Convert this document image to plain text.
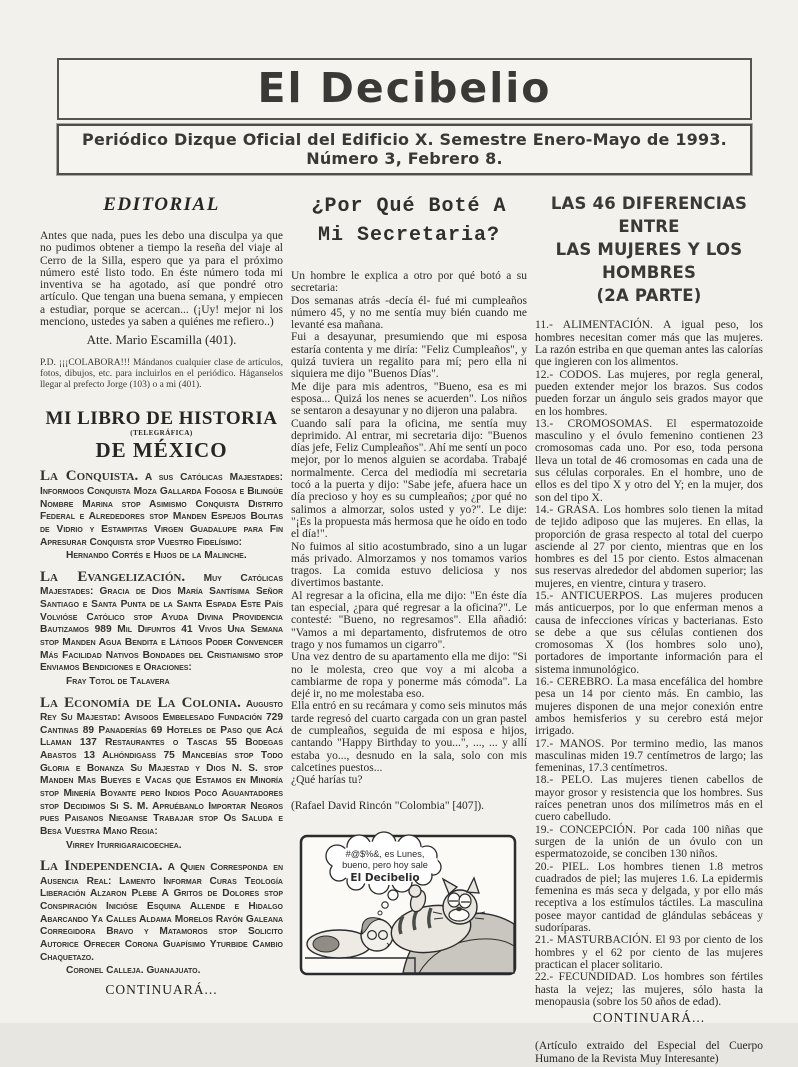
El Decibelio
Periódico Dizque Oficial del Edificio X. Semestre Enero-Mayo de 1993. Número 3, Febrero 8.
EDITORIAL

Antes que nada, pues les debo una disculpa ya que no pudimos obtener a tiempo la reseña del viaje al Cerro de la Silla, espero que ya para el próximo número esté listo todo. En éste número toda mi inventiva se ha agotado, así que pondré otro artículo. Que tengan una buena semana, y empiecen a estudiar, porque se acercan... (¡Uy! mejor ni los menciono, ustedes ya saben a quiénes me refiero..)

Atte. Mario Escamilla (401).

P.D. ¡¡¡COLABORA!!! Mándanos cualquier clase de artículos, fotos, dibujos, etc. para incluirlos en el periódico. Háganselos llegar al prefecto Jorge (103) o a mi (401).

MI LIBRO DE HISTORIA
(TELEGRÁFICA)
DE MÉXICO

La Conquista. A sus Católicas Majestades: Informoos Conquista Moza Gallarda Fogosa e Bilingüe Nombre Marina stop Asimismo Conquista Distrito Federal e Alrededores stop Manden Espejos Bolitas de Vidrio y Estampitas Virgen Guadalupe para Fin Apresurar Conquista stop Vuestro Fidelísimo:

Hernando Cortés e Hijos de la Malinche.

La Evangelización. Muy Católicas Majestades: Gracia de Dios María Santísima Señor Santiago e Santa Punta de la Santa Espada Este País Volvióse Católico stop Ayuda Divina Providencia Bautizamos 989 Mil Difuntos 41 Vivos Una Semana stop Manden Agua Bendita e Látigos Poder Convencer Más Facilidad Nativos Bondades del Cristianismo stop Enviamos Bendiciones e Oraciones:

Fray Totol de Talavera

La Economía de La Colonia. Augusto Rey Su Majestad: Avisoos Embelesado Fundación 729 Cantinas 89 Panaderías 69 Hoteles de Paso que Acá Llaman 137 Restaurantes o Tascas 55 Bodegas Abastos 13 Alhóndigass 75 Mancebías stop Todo Gloria e Bonanza Su Majestad y Dios N. S. stop Manden Mas Bueyes e Vacas que Estamos en Minoría stop Minería Boyante pero Indios Poco Aguantadores stop Decidimos Si S. M. Apruébanlo Importar Negros pues Paisanos Nieganse Trabajar stop Os Saluda e Besa Vuestra Mano Regia:

Virrey Iturrigaraicoechea.

La Independencia. A Quien Corresponda en Ausencia Real: Lamento Informar Curas Teología Liberación Alzaron Plebe A Gritos de Dolores stop Conspiración Inicióse Esquina Allende e Hidalgo Abarcando Ya Calles Aldama Morelos Rayón Galeana Corregidora Bravo y Matamoros stop Solicito Autorice Ofrecer Corona Guapísimo Yturbide Cambio Chaquetazo.

Coronel Calleja. Guanajuato.

CONTINUARÁ...

¿Por Qué Boté A
Mi Secretaria?

Un hombre le explica a otro por qué botó a su secretaria:

Dos semanas atrás -decía él- fué mi cumpleaños número 45, y no me sentía muy bién cuando me levanté esa mañana.

Fui a desayunar, presumiendo que mi esposa estaría contenta y me diría: "Feliz Cumpleaños", y quizá tuviera un regalito para mí; pero ella ni siquiera me dijo "Buenos Días".

Me dije para mis adentros, "Bueno, esa es mi esposa... Quizá los nenes se acuerden". Los niños se sentaron a desayunar y no dijeron una palabra.

Cuando salí para la oficina, me sentía muy deprimido. Al entrar, mi secretaria dijo: "Buenos días jefe, Feliz Cumpleaños". Ahí me sentí un poco mejor, por lo menos alguien se acordaba. Trabajé normalmente. Cerca del mediodía mi secretaria tocó a la puerta y dijo: "Sabe jefe, afuera hace un día precioso y hoy es su cumpleaños; ¿por qué no salimos a almorzar, solos usted y yo?". Le dije: "¡Es la propuesta más hermosa que he oído en todo el día!".

No fuimos al sitio acostumbrado, sino a un lugar más privado. Almorzamos y nos tomamos varios tragos. La comida estuvo deliciosa y nos divertimos bastante.

Al regresar a la oficina, ella me dijo: "En éste día tan especial, ¿para qué regresar a la oficina?". Le contesté: "Bueno, no regresamos". Ella añadió: "Vamos a mi departamento, disfrutemos de otro trago y nos fumamos un cigarro".

Una vez dentro de su apartamento ella me dijo: "Si no le molesta, creo que voy a mi alcoba a cambiarme de ropa y ponerme más cómoda". La dejé ir, no me molestaba eso.

Ella entró en su recámara y como seis minutos más tarde regresó del cuarto cargada con un gran pastel de cumpleaños, seguida de mi esposa e hijos, cantando "Happy Birthday to you...", ..., ... y allí estaba yo..., desnudo en la sala, solo con mis calcetines puestos...

¿Qué harías tu?

(Rafael David Rincón "Colombia" [407]).

#@$%&, es Lunes,
bueno, pero hoy sale
El Decibelio
LAS 46 DIFERENCIAS ENTRE
LAS MUJERES Y LOS HOMBRES
(2A PARTE)

11.- ALIMENTACIÓN. A igual peso, los hombres necesitan comer más que las mujeres. La razón estriba en que queman antes las calorías que ingieren con los alimentos.

12.- CODOS. Las mujeres, por regla general, pueden extender mejor los brazos. Sus codos pueden forzar un ángulo seis grados mayor que en los hombres.

13.- CROMOSOMAS. El espermatozoide masculino y el óvulo femenino contienen 23 cromosomas cada uno. Por eso, toda persona lleva un total de 46 cromosomas en cada una de sus células corporales. En el hombre, uno de ellos es del tipo X y otro del Y; en la mujer, dos son del tipo X.

14.- GRASA. Los hombres solo tienen la mitad de tejido adiposo que las mujeres. En ellas, la proporción de grasa respecto al total del cuerpo asciende al 27 por ciento, mientras que en los hombres es del 15 por ciento. Estos almacenan sus reservas alrededor del abdomen superior; las mujeres, en vientre, cintura y trasero.

15.- ANTICUERPOS. Las mujeres producen más anticuerpos, por lo que enferman menos a causa de infecciones víricas y bacterianas. Esto se debe a que sus células contienen dos cromosomas X (los hombres solo uno), portadores de importante información para el sistema inmunológico.

16.- CEREBRO. La masa encefálica del hombre pesa un 14 por ciento más. En cambio, las mujeres disponen de una mejor conexión entre ambos hemisferios y su cerebro está mejor irrigado.

17.- MANOS. Por termino medio, las manos masculinas miden 19.7 centímetros de largo; las femeninas, 17.3 centímetros.

18.- PELO. Las mujeres tienen cabellos de mayor grosor y resistencia que los hombres. Sus raíces penetran unos dos milímetros más en el cuero cabelludo.

19.- CONCEPCIÓN. Por cada 100 niñas que surgen de la unión de un óvulo con un espermatozoide, se conciben 130 niños.

20.- PIEL. Los hombres tienen 1.8 metros cuadrados de piel; las mujeres 1.6. La epidermis femenina es más seca y delgada, y por ello más receptiva a los estímulos táctiles. La masculina posee mayor cantidad de glándulas sebáceas y sudoríparas.

21.- MASTURBACIÓN. El 93 por ciento de los hombres y el 62 por ciento de las mujeres practican el placer solitario.

22.- FECUNDIDAD. Los hombres son fértiles hasta la vejez; las mujeres, sólo hasta la menopausia (sobre los 50 años de edad).

CONTINUARÁ...

(Artículo extraido del Especial del Cuerpo Humano de la Revista Muy Interesante)
